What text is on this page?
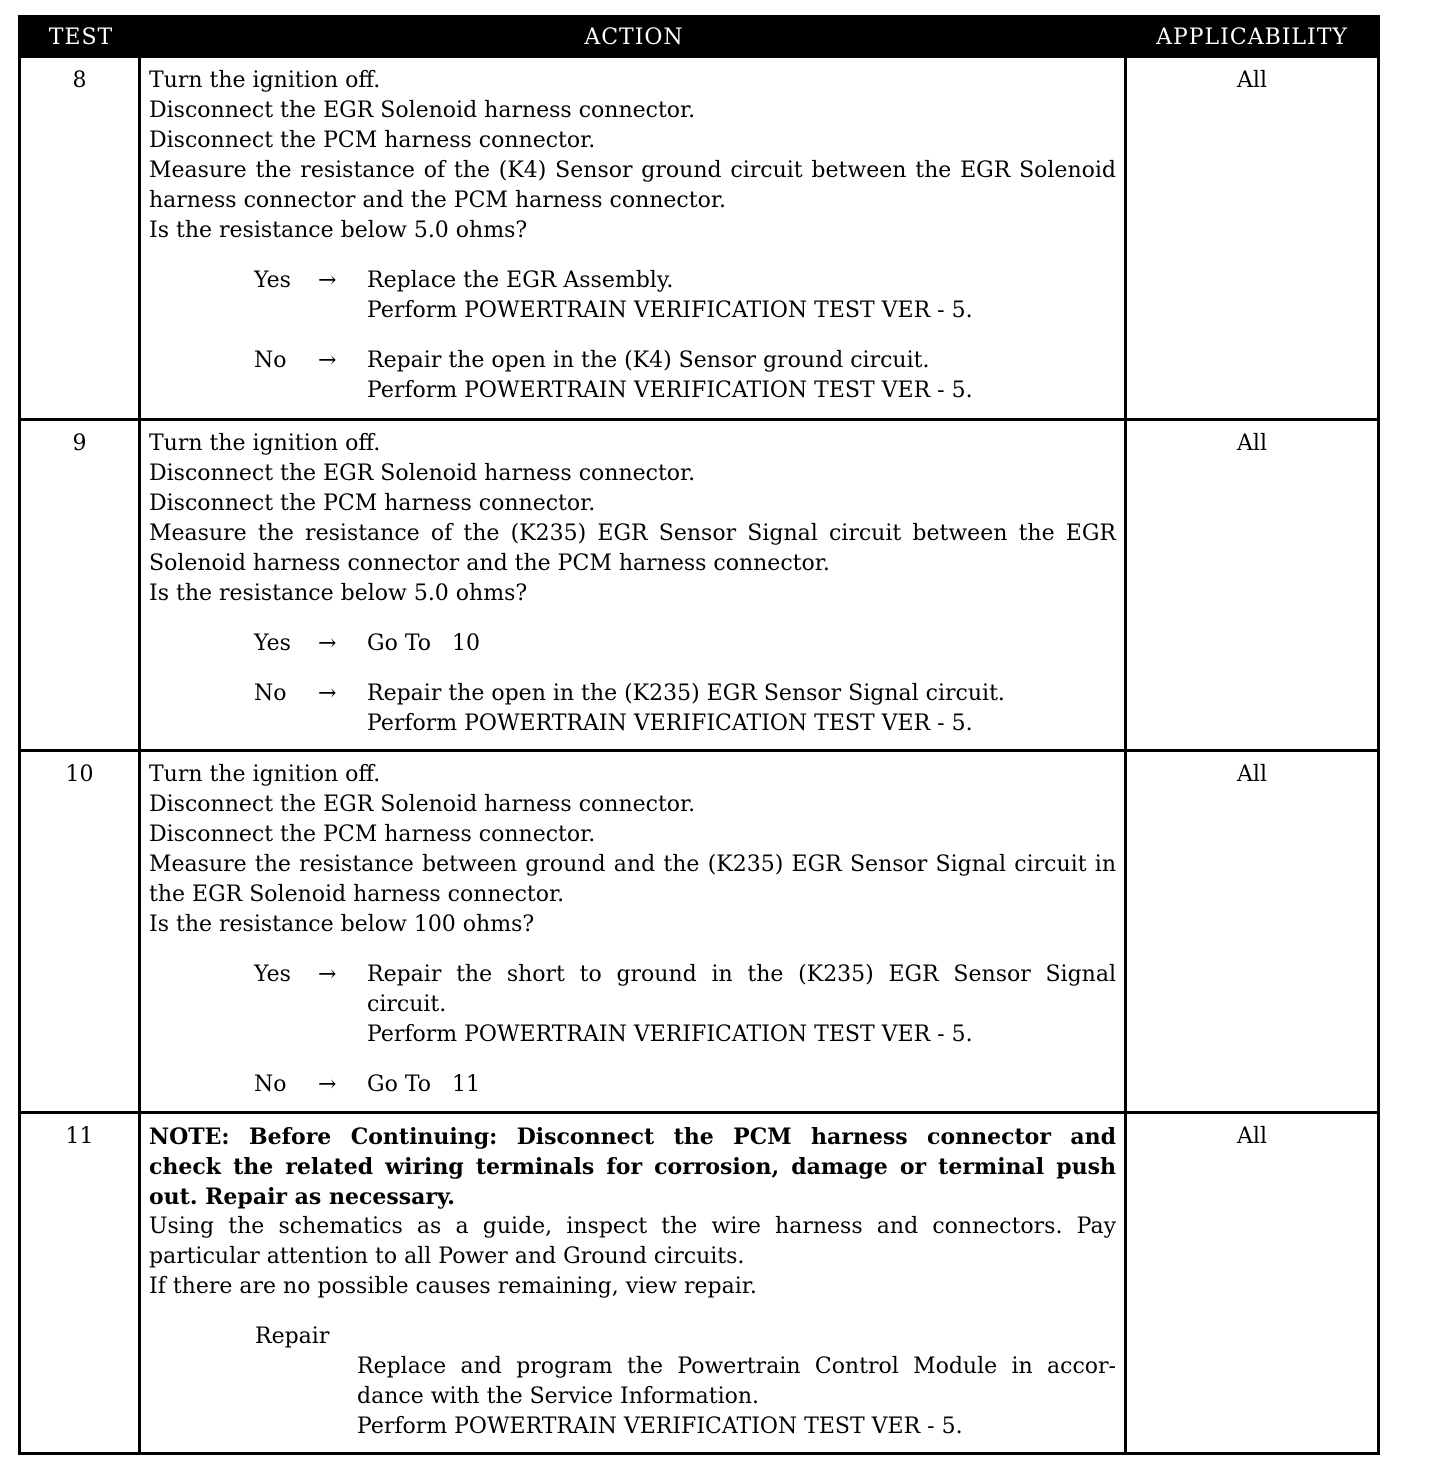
TEST	ACTION	APPLICABILITY
8	Turn the ignition off.
Disconnect the EGR Solenoid harness connector.
Disconnect the PCM harness connector.
Measure the resistance of the (K4) Sensor ground circuit between the EGR Solenoid
harness connector and the PCM harness connector.
Is the resistance below 5.0 ohms?
Yes	→	Replace the EGR Assembly.
Perform POWERTRAIN VERIFICATION TEST VER - 5.
No	→	Repair the open in the (K4) Sensor ground circuit.
Perform POWERTRAIN VERIFICATION TEST VER - 5.
All
9	Turn the ignition off.
Disconnect the EGR Solenoid harness connector.
Disconnect the PCM harness connector.
Measure the resistance of the (K235) EGR Sensor Signal circuit between the EGR
Solenoid harness connector and the PCM harness connector.
Is the resistance below 5.0 ohms?
Yes	→	Go To   10
No	→	Repair the open in the (K235) EGR Sensor Signal circuit.
Perform POWERTRAIN VERIFICATION TEST VER - 5.
All
10	Turn the ignition off.
Disconnect the EGR Solenoid harness connector.
Disconnect the PCM harness connector.
Measure the resistance between ground and the (K235) EGR Sensor Signal circuit in
the EGR Solenoid harness connector.
Is the resistance below 100 ohms?
Yes	→	Repair the short to ground in the (K235) EGR Sensor Signal
circuit.
Perform POWERTRAIN VERIFICATION TEST VER - 5.
No	→	Go To   11
All
11	NOTE: Before Continuing: Disconnect the PCM harness connector and
check the related wiring terminals for corrosion, damage or terminal push
out. Repair as necessary.
Using the schematics as a guide, inspect the wire harness and connectors. Pay
particular attention to all Power and Ground circuits.
If there are no possible causes remaining, view repair.
Repair
Replace and program the Powertrain Control Module in accor-
dance with the Service Information.
Perform POWERTRAIN VERIFICATION TEST VER - 5.
All
